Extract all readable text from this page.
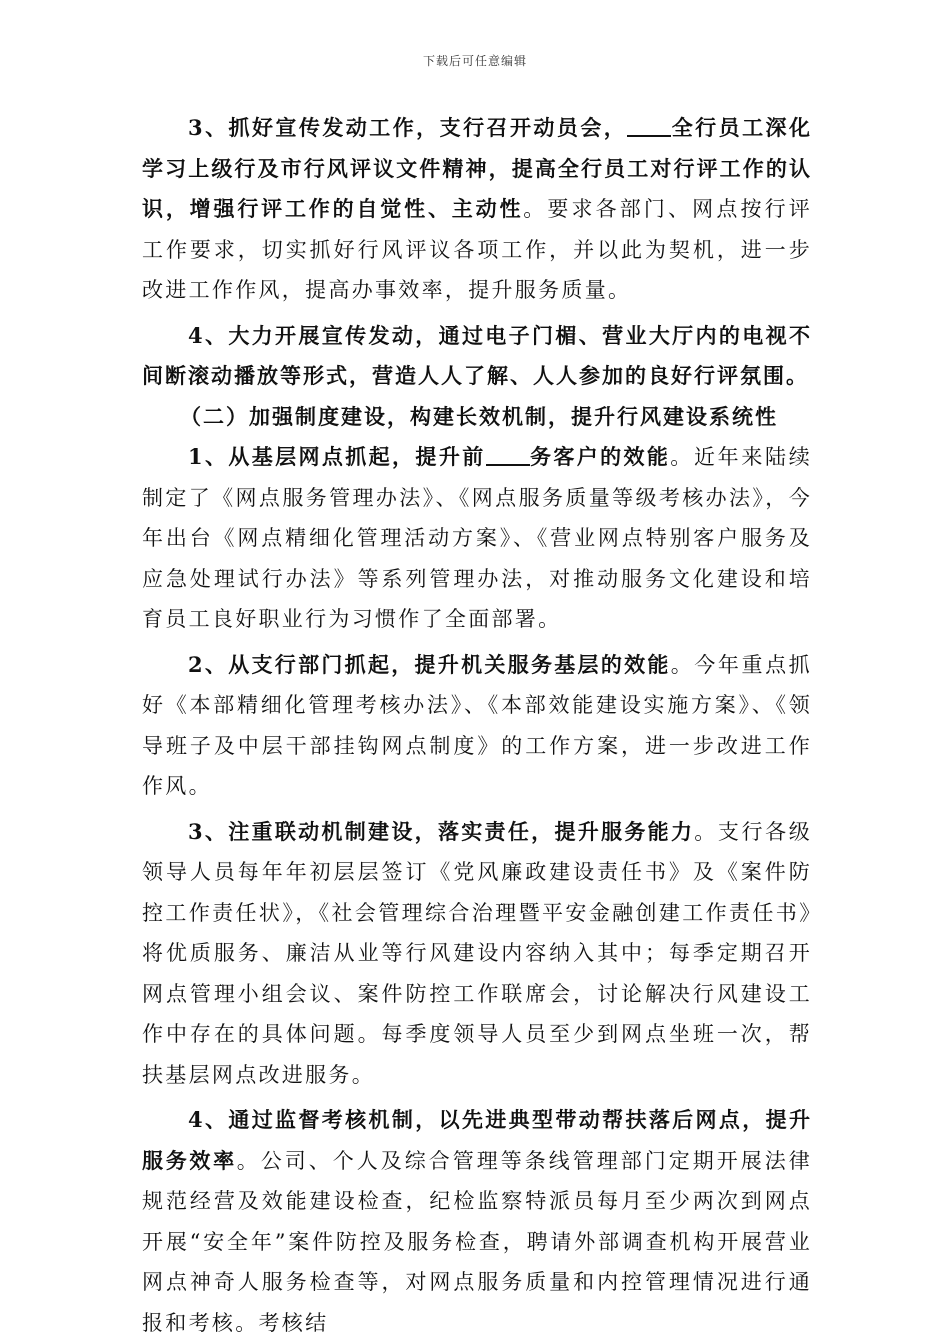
下载后可任意编辑

3、抓好宣传发动工作，支行召开动员会， 全行员工深化学习上级行及市行风评议文件精神，提高全行员工对行评工作的认识，增强行评工作的自觉性、主动性。要求各部门、网点按行评工作要求，切实抓好行风评议各项工作，并以此为契机，进一步改进工作作风，提高办事效率，提升服务质量。

4、大力开展宣传发动，通过电子门楣、营业大厅内的电视不间断滚动播放等形式，营造人人了解、人人参加的良好行评氛围。

（二）加强制度建设，构建长效机制，提升行风建设系统性

1、从基层网点抓起，提升前 务客户的效能。近年来陆续制定了《网点服务管理办法》、《网点服务质量等级考核办法》，今年出台《网点精细化管理活动方案》、《营业网点特别客户服务及应急处理试行办法》等系列管理办法，对推动服务文化建设和培育员工良好职业行为习惯作了全面部署。

2、从支行部门抓起，提升机关服务基层的效能。今年重点抓好《本部精细化管理考核办法》、《本部效能建设实施方案》、《领导班子及中层干部挂钩网点制度》的工作方案，进一步改进工作作风。

3、注重联动机制建设，落实责任，提升服务能力。支行各级领导人员每年年初层层签订《党风廉政建设责任书》及《案件防控工作责任状》，《社会管理综合治理暨平安金融创建工作责任书》将优质服务、廉洁从业等行风建设内容纳入其中；每季定期召开网点管理小组会议、案件防控工作联席会，讨论解决行风建设工作中存在的具体问题。每季度领导人员至少到网点坐班一次，帮扶基层网点改进服务。

4、通过监督考核机制，以先进典型带动帮扶落后网点，提升服务效率。公司、个人及综合管理等条线管理部门定期开展法律规范经营及效能建设检查，纪检监察特派员每月至少两次到网点开展“安全年”案件防控及服务检查，聘请外部调查机构开展营业网点神奇人服务检查等，对网点服务质量和内控管理情况进行通报和考核。考核结
